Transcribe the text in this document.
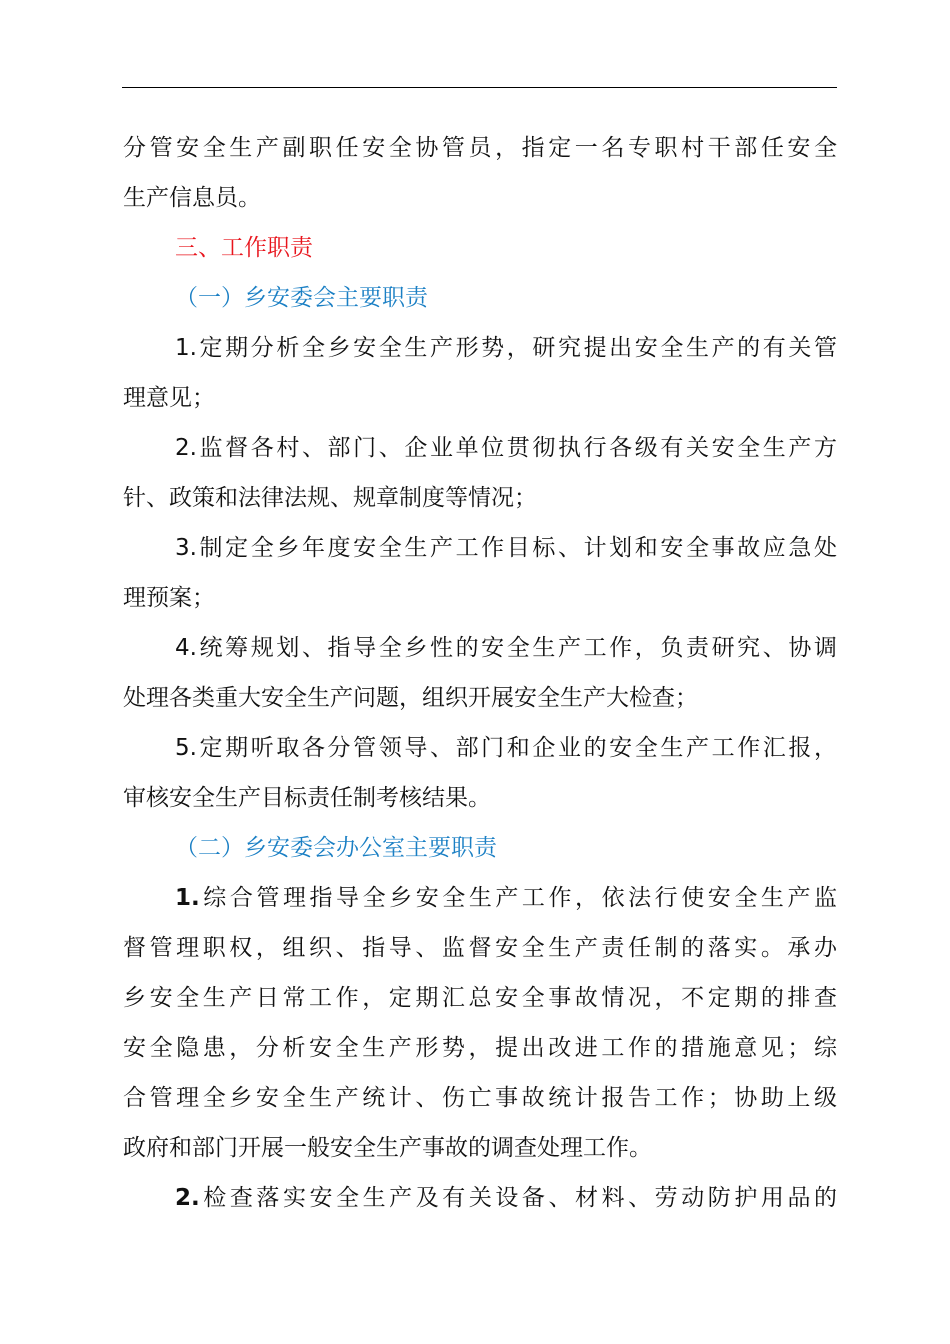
分管安全生产副职任安全协管员，指定一名专职村干部任安全
生产信息员。
三、工作职责
（一）乡安委会主要职责
1.定期分析全乡安全生产形势，研究提出安全生产的有关管
理意见；
2.监督各村、部门、企业单位贯彻执行各级有关安全生产方
针、政策和法律法规、规章制度等情况；
3.制定全乡年度安全生产工作目标、计划和安全事故应急处
理预案；
4.统筹规划、指导全乡性的安全生产工作，负责研究、协调
处理各类重大安全生产问题，组织开展安全生产大检查；
5.定期听取各分管领导、部门和企业的安全生产工作汇报，
审核安全生产目标责任制考核结果。
（二）乡安委会办公室主要职责
1.综合管理指导全乡安全生产工作，依法行使安全生产监
督管理职权，组织、指导、监督安全生产责任制的落实。承办
乡安全生产日常工作，定期汇总安全事故情况，不定期的排查
安全隐患，分析安全生产形势，提出改进工作的措施意见；综
合管理全乡安全生产统计、伤亡事故统计报告工作；协助上级
政府和部门开展一般安全生产事故的调查处理工作。
2.检查落实安全生产及有关设备、材料、劳动防护用品的
